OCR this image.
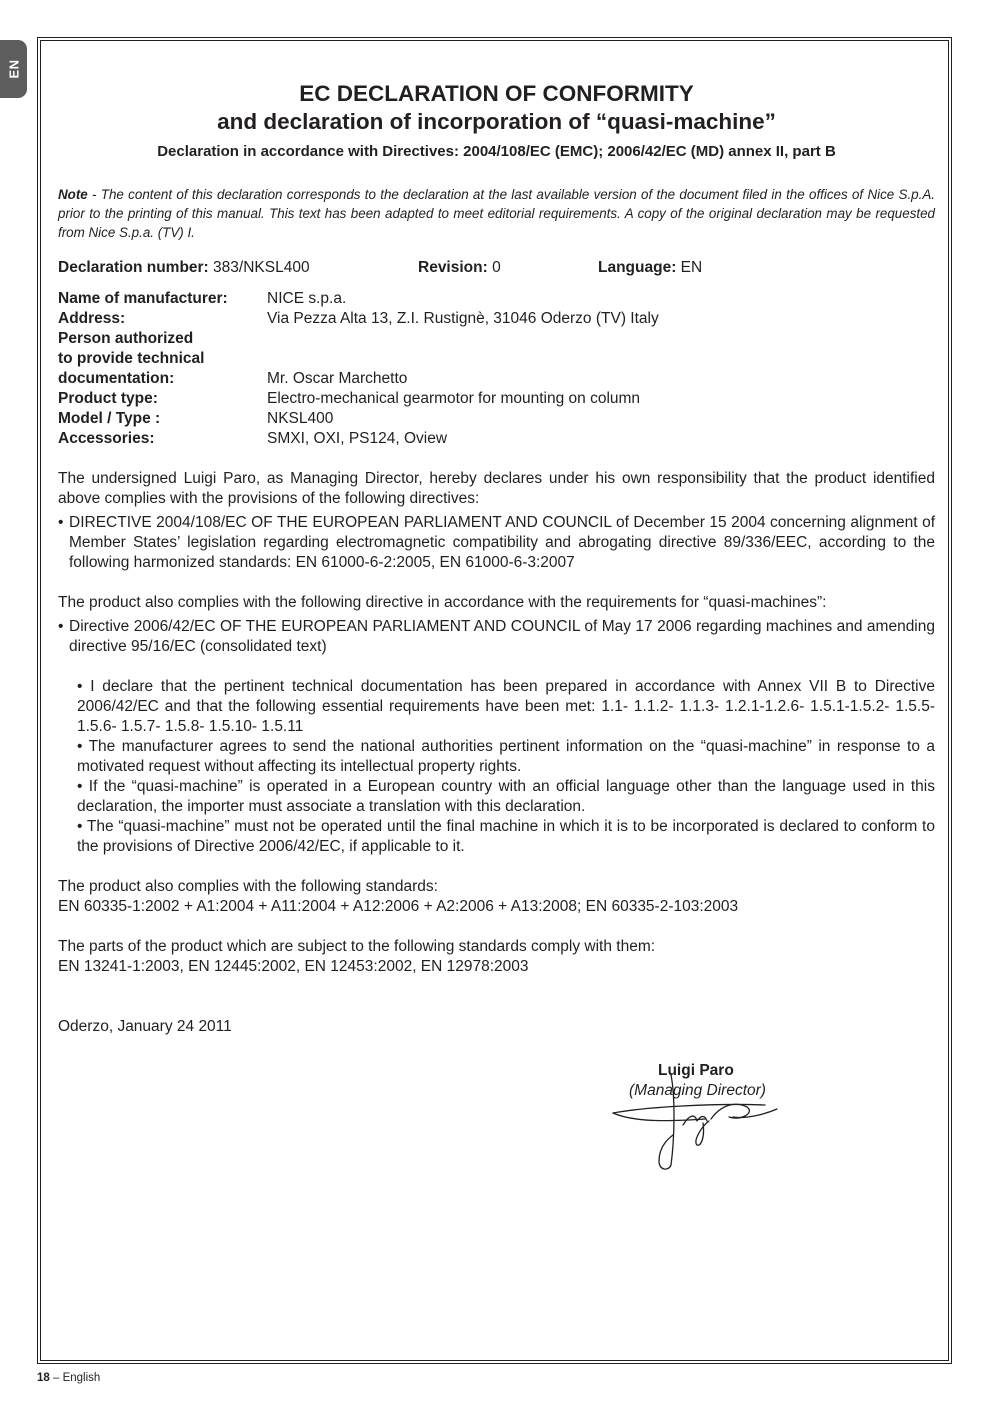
EN
EC DECLARATION OF CONFORMITY
and declaration of incorporation of “quasi-machine”
Declaration in accordance with Directives: 2004/108/EC (EMC); 2006/42/EC (MD) annex II, part B
Note - The content of this declaration corresponds to the declaration at the last available version of the document filed in the offices of Nice S.p.A. prior to the printing of this manual. This text has been adapted to meet editorial requirements. A copy of the original declaration may be requested from Nice S.p.a. (TV) I.
Declaration number: 383/NKSL400	Revision: 0	Language: EN
Name of manufacturer:	NICE s.p.a.
Address:	Via Pezza Alta 13, Z.I. Rustignè, 31046 Oderzo (TV) Italy
Person authorized
to provide technical
documentation:	Mr. Oscar Marchetto
Product type:	Electro-mechanical gearmotor for mounting on column
Model / Type :	NKSL400
Accessories:	SMXI, OXI, PS124, Oview

The undersigned Luigi Paro, as Managing Director, hereby declares under his own responsibility that the product identified above complies with the provisions of the following directives:

• DIRECTIVE 2004/108/EC OF THE EUROPEAN PARLIAMENT AND COUNCIL of December 15 2004 concerning alignment of Member States’ legislation regarding electromagnetic compatibility and abrogating directive 89/336/EEC, according to the following harmonized standards: EN 61000-6-2:2005, EN 61000-6-3:2007

The product also complies with the following directive in accordance with the requirements for “quasi-machines”:

• Directive 2006/42/EC OF THE EUROPEAN PARLIAMENT AND COUNCIL of May 17 2006 regarding machines and amending directive 95/16/EC (consolidated text)
• I declare that the pertinent technical documentation has been prepared in accordance with Annex VII B to Directive 2006/42/EC and that the following essential requirements have been met: 1.1- 1.1.2- 1.1.3- 1.2.1-1.2.6- 1.5.1-1.5.2- 1.5.5-1.5.6- 1.5.7- 1.5.8- 1.5.10- 1.5.11
• The manufacturer agrees to send the national authorities pertinent information on the “quasi-machine” in response to a motivated request without affecting its intellectual property rights.
• If the “quasi-machine” is operated in a European country with an official language other than the language used in this declaration, the importer must associate a translation with this declaration.
• The “quasi-machine” must not be operated until the final machine in which it is to be incorporated is declared to conform to the provisions of Directive 2006/42/EC, if applicable to it.

The product also complies with the following standards:

EN 60335-1:2002 + A1:2004 + A11:2004 + A12:2006 + A2:2006 + A13:2008; EN 60335-2-103:2003

The parts of the product which are subject to the following standards comply with them:

EN 13241-1:2003, EN 12445:2002, EN 12453:2002, EN 12978:2003

Oderzo, January 24 2011

Luigi Paro
(Managing Director)
18 – English
